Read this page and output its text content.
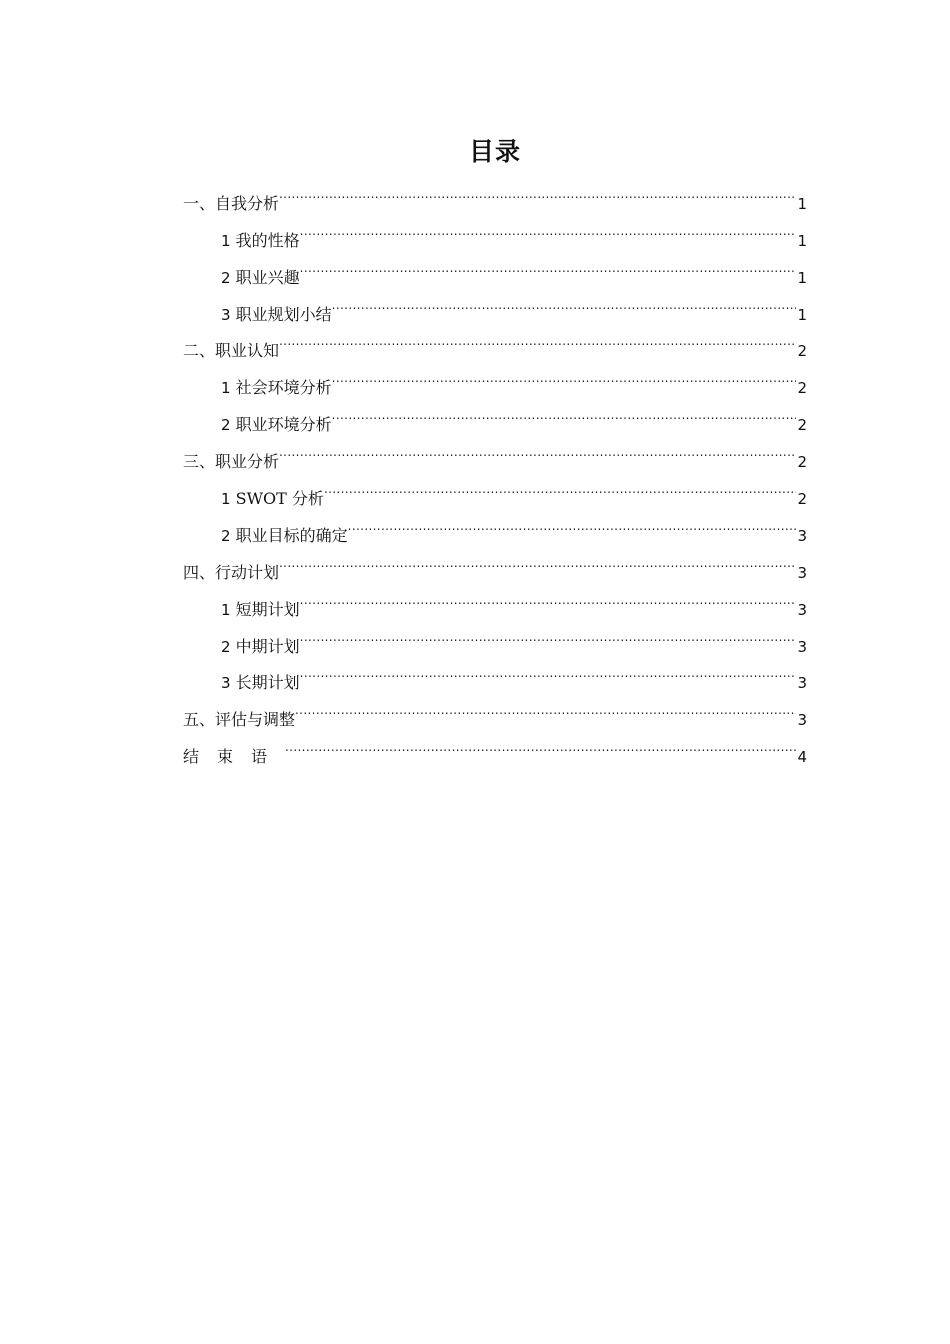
目录
一、自我分析 .....	1
1 我的性格 .....	1
2 职业兴趣 .....	1
3 职业规划小结 .....	1
二、职业认知 .....	2
1 社会环境分析 .....	2
2 职业环境分析 .....	2
三、职业分析 .....	2
1 SWOT 分析 .....	2
2 职业目标的确定 .....	3
四、行动计划 .....	3
1 短期计划 .....	3
2 中期计划 .....	3
3 长期计划 .....	3
五、评估与调整 .....	3
结束语 .....	4
